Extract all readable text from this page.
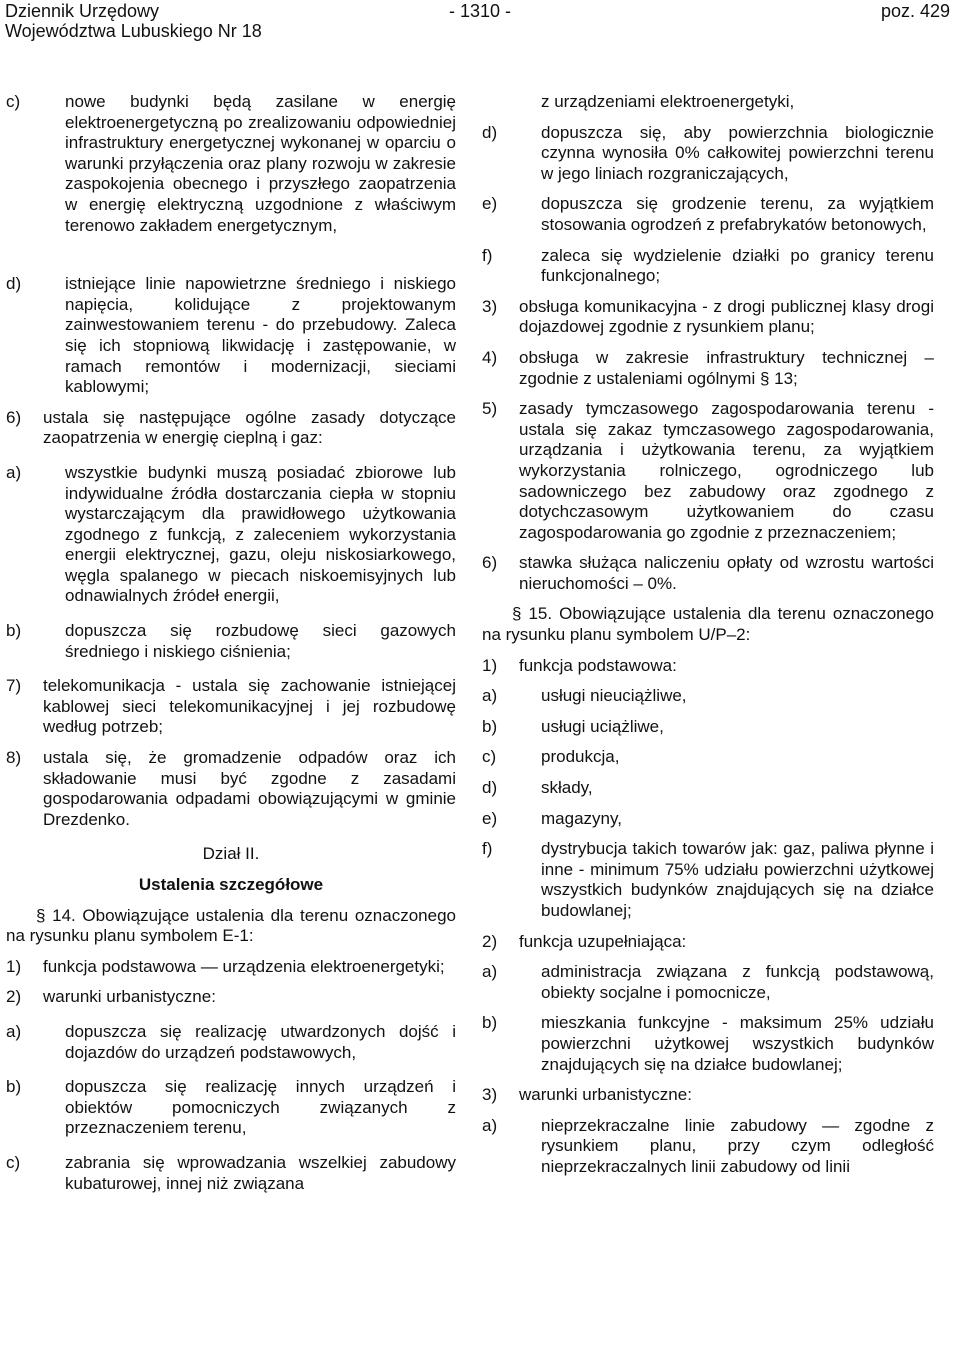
Dziennik Urzędowy
Województwa Lubuskiego Nr 18
- 1310 -	poz. 429
c)	nowe budynki będą zasilane w energię elektroenergetyczną po zrealizowaniu odpowiedniej infrastruktury energetycznej wykonanej w oparciu o warunki przyłączenia oraz plany rozwoju w zakresie zaspokojenia obecnego i przyszłego zaopatrzenia w energię elektryczną uzgodnione z właściwym terenowo zakładem energetycznym,
d)	istniejące linie napowietrzne średniego i niskiego napięcia, kolidujące z projektowanym zainwestowaniem terenu - do przebudowy. Zaleca się ich stopniową likwidację i zastępowanie, w ramach remontów i modernizacji, sieciami kablowymi;
6)	ustala się następujące ogólne zasady dotyczące zaopatrzenia w energię cieplną i gaz:
a)	wszystkie budynki muszą posiadać zbiorowe lub indywidualne źródła dostarczania ciepła w stopniu wystarczającym dla prawidłowego użytkowania zgodnego z funkcją, z zaleceniem wykorzystania energii elektrycznej, gazu, oleju niskosiarkowego, węgla spalanego w piecach niskoemisyjnych lub odnawialnych źródeł energii,
b)	dopuszcza się rozbudowę sieci gazowych średniego i niskiego ciśnienia;
7)	telekomunikacja - ustala się zachowanie istniejącej kablowej sieci telekomunikacyjnej i jej rozbudowę według potrzeb;
8)	ustala się, że gromadzenie odpadów oraz ich składowanie musi być zgodne z zasadami gospodarowania odpadami obowiązującymi w gminie Drezdenko.
Dział II.
Ustalenia szczegółowe
§ 14. Obowiązujące ustalenia dla terenu oznaczonego na rysunku planu symbolem E-1:
1)	funkcja podstawowa — urządzenia elektroenergetyki;
2)	warunki urbanistyczne:
a)	dopuszcza się realizację utwardzonych dojść i dojazdów do urządzeń podstawowych,
b)	dopuszcza się realizację innych urządzeń i obiektów pomocniczych związanych z przeznaczeniem terenu,
c)	zabrania się wprowadzania wszelkiej zabudowy kubaturowej, innej niż związana
z urządzeniami elektroenergetyki,
d)	dopuszcza się, aby powierzchnia biologicznie czynna wynosiła 0% całkowitej powierzchni terenu w jego liniach rozgraniczających,
e)	dopuszcza się grodzenie terenu, za wyjątkiem stosowania ogrodzeń z prefabrykatów betonowych,
f)	zaleca się wydzielenie działki po granicy terenu funkcjonalnego;
3)	obsługa komunikacyjna - z drogi publicznej klasy drogi dojazdowej zgodnie z rysunkiem planu;
4)	obsługa w zakresie infrastruktury technicznej – zgodnie z ustaleniami ogólnymi § 13;
5)	zasady tymczasowego zagospodarowania terenu - ustala się zakaz tymczasowego zagospodarowania, urządzania i użytkowania terenu, za wyjątkiem wykorzystania rolniczego, ogrodniczego lub sadowniczego bez zabudowy oraz zgodnego z dotychczasowym użytkowaniem do czasu zagospodarowania go zgodnie z przeznaczeniem;
6)	stawka służąca naliczeniu opłaty od wzrostu wartości nieruchomości – 0%.
§ 15. Obowiązujące ustalenia dla terenu oznaczonego na rysunku planu symbolem U/P–2:
1)	funkcja podstawowa:
a)	usługi nieuciążliwe,
b)	usługi uciążliwe,
c)	produkcja,
d)	składy,
e)	magazyny,
f)	dystrybucja takich towarów jak: gaz, paliwa płynne i inne - minimum 75% udziału powierzchni użytkowej wszystkich budynków znajdujących się na działce budowlanej;
2)	funkcja uzupełniająca:
a)	administracja związana z funkcją podstawową, obiekty socjalne i pomocnicze,
b)	mieszkania funkcyjne - maksimum 25% udziału powierzchni użytkowej wszystkich budynków znajdujących się na działce budowlanej;
3)	warunki urbanistyczne:
a)	nieprzekraczalne linie zabudowy — zgodne z rysunkiem planu, przy czym odległość nieprzekraczalnych linii zabudowy od linii
